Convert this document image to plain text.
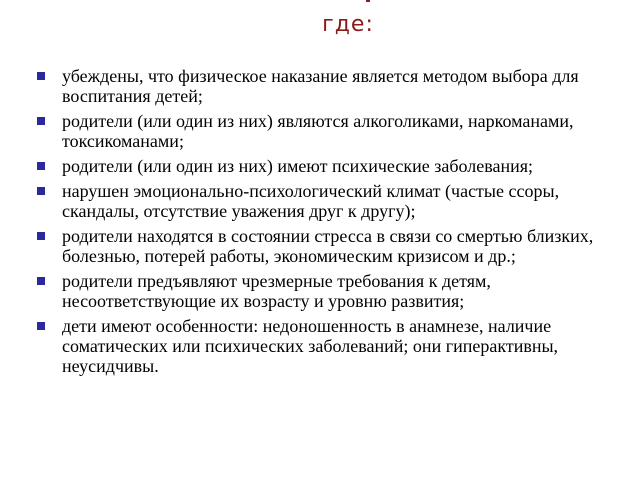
где:
убеждены, что физическое наказание является методом выбора для воспитания детей;
родители (или один из них) являются алкоголиками, наркоманами, токсикоманами;
родители (или один из них) имеют психические заболевания;
нарушен эмоционально-психологический климат (частые ссоры, скандалы, отсутствие уважения друг к другу);
родители находятся в состоянии стресса в связи со смертью близких, болезнью, потерей работы, экономическим кризисом и др.;
родители предъявляют чрезмерные требования к детям, несоответствующие их возрасту и уровню развития;
дети имеют особенности: недоношенность в анамнезе, наличие соматических или психических заболеваний; они гиперактивны, неусидчивы.
